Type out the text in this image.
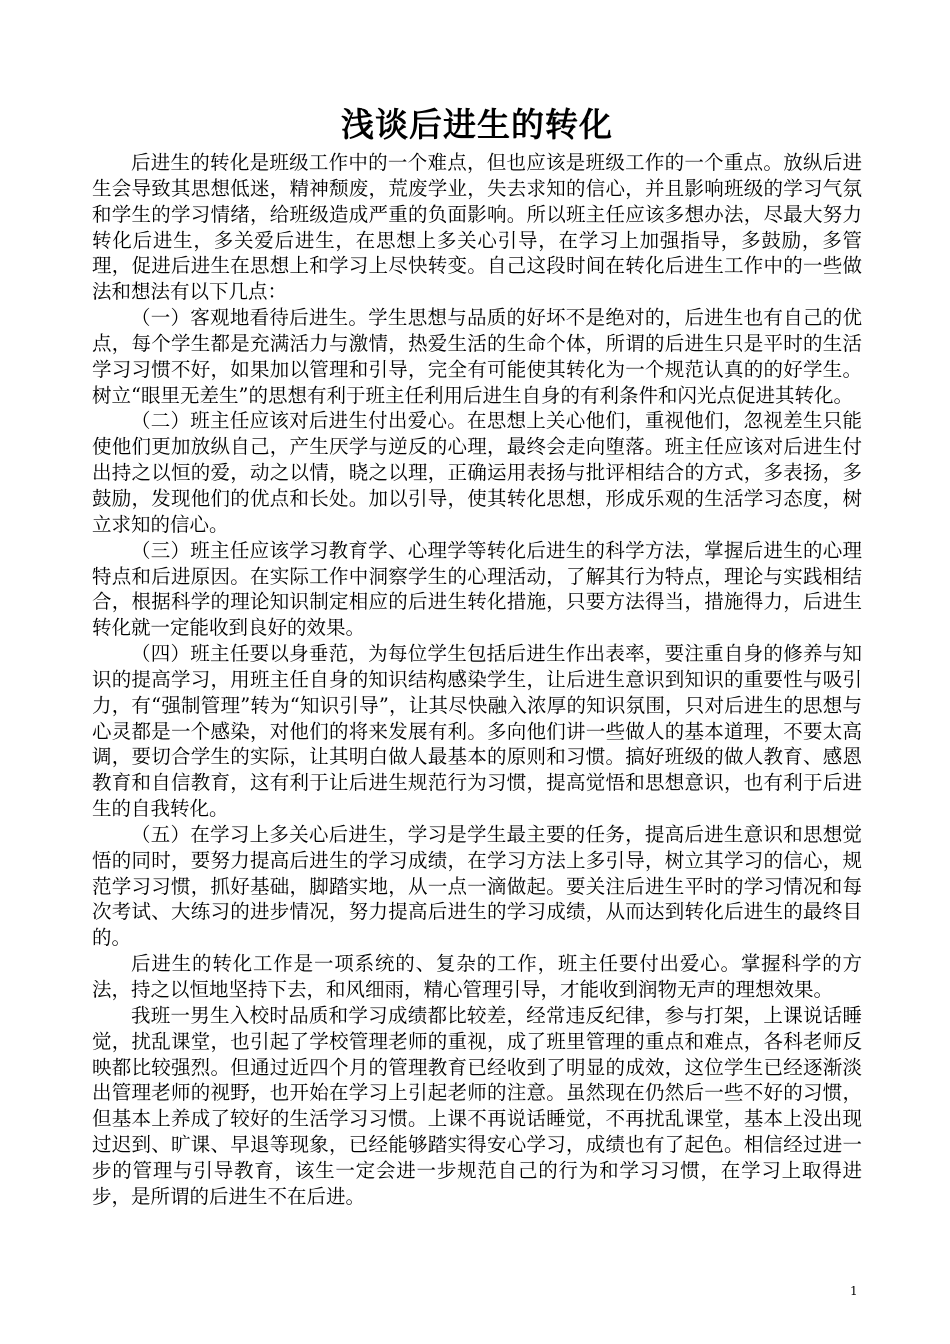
浅谈后进生的转化

后进生的转化是班级工作中的一个难点，但也应该是班级工作的一个重点。放纵后进生会导致其思想低迷，精神颓废，荒废学业，失去求知的信心，并且影响班级的学习气氛和学生的学习情绪，给班级造成严重的负面影响。所以班主任应该多想办法，尽最大努力转化后进生，多关爱后进生，在思想上多关心引导，在学习上加强指导，多鼓励，多管理，促进后进生在思想上和学习上尽快转变。自己这段时间在转化后进生工作中的一些做法和想法有以下几点：

（一）客观地看待后进生。学生思想与品质的好坏不是绝对的，后进生也有自己的优点，每个学生都是充满活力与激情，热爱生活的生命个体，所谓的后进生只是平时的生活学习习惯不好，如果加以管理和引导，完全有可能使其转化为一个规范认真的的好学生。树立“眼里无差生”的思想有利于班主任利用后进生自身的有利条件和闪光点促进其转化。

（二）班主任应该对后进生付出爱心。在思想上关心他们，重视他们，忽视差生只能使他们更加放纵自己，产生厌学与逆反的心理，最终会走向堕落。班主任应该对后进生付出持之以恒的爱，动之以情，晓之以理，正确运用表扬与批评相结合的方式，多表扬，多鼓励，发现他们的优点和长处。加以引导，使其转化思想，形成乐观的生活学习态度，树立求知的信心。

（三）班主任应该学习教育学、心理学等转化后进生的科学方法，掌握后进生的心理特点和后进原因。在实际工作中洞察学生的心理活动，了解其行为特点，理论与实践相结合，根据科学的理论知识制定相应的后进生转化措施，只要方法得当，措施得力，后进生转化就一定能收到良好的效果。

（四）班主任要以身垂范，为每位学生包括后进生作出表率，要注重自身的修养与知识的提高学习，用班主任自身的知识结构感染学生，让后进生意识到知识的重要性与吸引力，有“强制管理”转为“知识引导”，让其尽快融入浓厚的知识氛围，只对后进生的思想与心灵都是一个感染，对他们的将来发展有利。多向他们讲一些做人的基本道理，不要太高调，要切合学生的实际，让其明白做人最基本的原则和习惯。搞好班级的做人教育、感恩教育和自信教育，这有利于让后进生规范行为习惯，提高觉悟和思想意识，也有利于后进生的自我转化。

（五）在学习上多关心后进生，学习是学生最主要的任务，提高后进生意识和思想觉悟的同时，要努力提高后进生的学习成绩，在学习方法上多引导，树立其学习的信心，规范学习习惯，抓好基础，脚踏实地，从一点一滴做起。要关注后进生平时的学习情况和每次考试、大练习的进步情况，努力提高后进生的学习成绩，从而达到转化后进生的最终目的。

后进生的转化工作是一项系统的、复杂的工作，班主任要付出爱心。掌握科学的方法，持之以恒地坚持下去，和风细雨，精心管理引导，才能收到润物无声的理想效果。

我班一男生入校时品质和学习成绩都比较差，经常违反纪律，参与打架，上课说话睡觉，扰乱课堂，也引起了学校管理老师的重视，成了班里管理的重点和难点，各科老师反映都比较强烈。但通过近四个月的管理教育已经收到了明显的成效，这位学生已经逐渐淡出管理老师的视野，也开始在学习上引起老师的注意。虽然现在仍然后一些不好的习惯，但基本上养成了较好的生活学习习惯。上课不再说话睡觉，不再扰乱课堂，基本上没出现过迟到、旷课、早退等现象，已经能够踏实得安心学习，成绩也有了起色。相信经过进一步的管理与引导教育，该生一定会进一步规范自己的行为和学习习惯，在学习上取得进步，是所谓的后进生不在后进。

1
